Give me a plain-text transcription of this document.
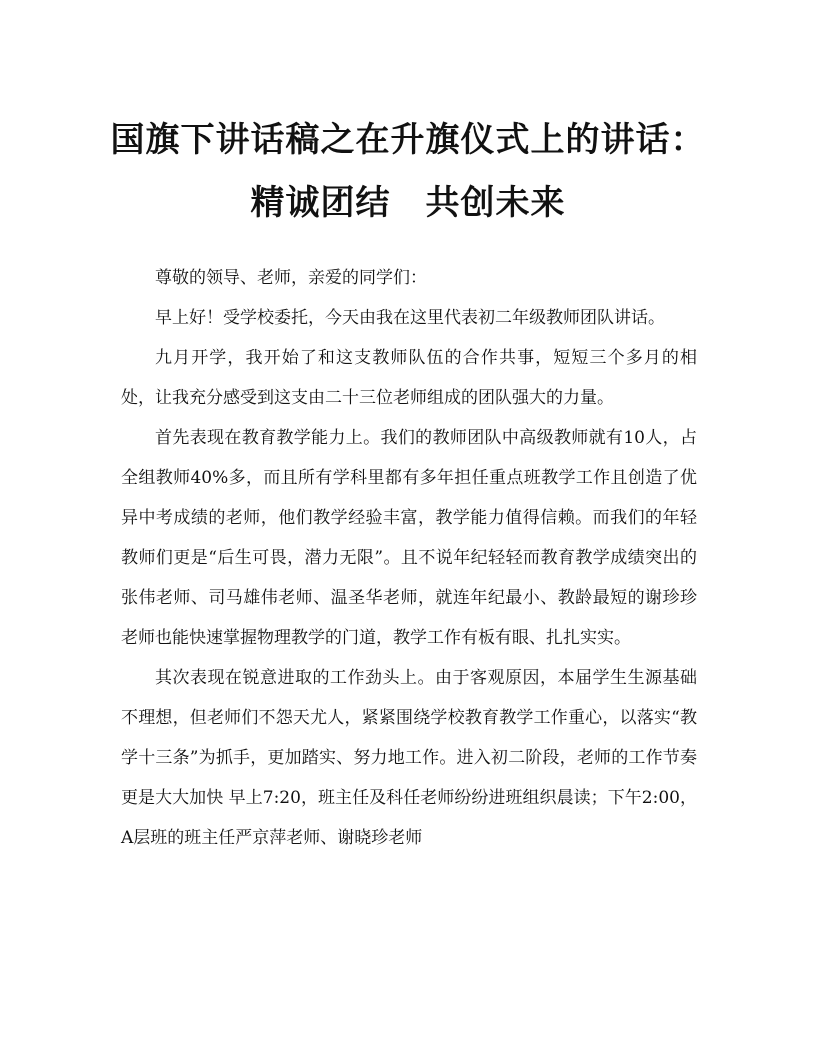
国旗下讲话稿之在升旗仪式上的讲话：
精诚团结　共创未来

尊敬的领导、老师，亲爱的同学们：

早上好！受学校委托，今天由我在这里代表初二年级教师团队讲话。

九月开学，我开始了和这支教师队伍的合作共事，短短三个多月的相处，让我充分感受到这支由二十三位老师组成的团队强大的力量。

首先表现在教育教学能力上。我们的教师团队中高级教师就有10人，占全组教师40%多，而且所有学科里都有多年担任重点班教学工作且创造了优异中考成绩的老师，他们教学经验丰富，教学能力值得信赖。而我们的年轻教师们更是“后生可畏，潜力无限”。且不说年纪轻轻而教育教学成绩突出的张伟老师、司马雄伟老师、温圣华老师，就连年纪最小、教龄最短的谢珍珍老师也能快速掌握物理教学的门道，教学工作有板有眼、扎扎实实。

其次表现在锐意进取的工作劲头上。由于客观原因，本届学生生源基础不理想，但老师们不怨天尤人，紧紧围绕学校教育教学工作重心，以落实“教学十三条”为抓手，更加踏实、努力地工作。进入初二阶段，老师的工作节奏更是大大加快 早上7:20，班主任及科任老师纷纷进班组织晨读；下午2:00，A层班的班主任严京萍老师、谢晓珍老师
